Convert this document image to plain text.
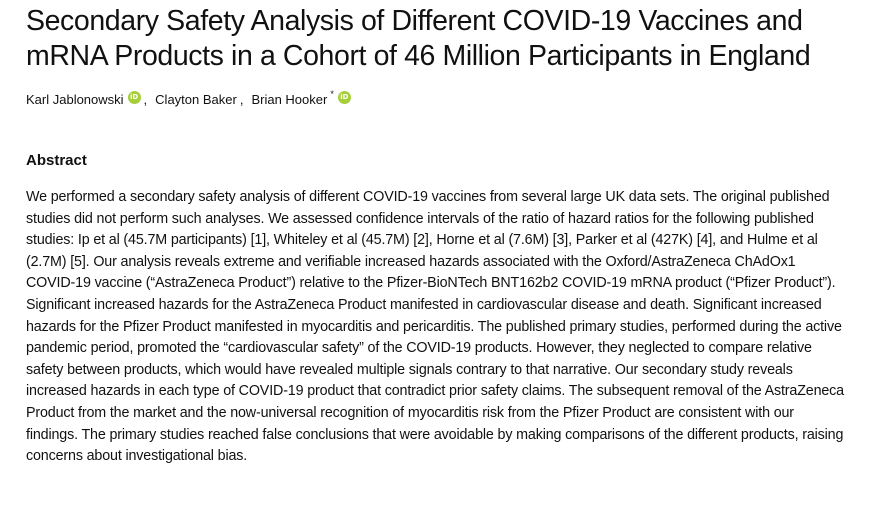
Secondary Safety Analysis of Different COVID-19 Vaccines and mRNA Products in a Cohort of 46 Million Participants in England
Karl Jablonowski iD , Clayton Baker , Brian Hooker * iD
Abstract

We performed a secondary safety analysis of different COVID-19 vaccines from several large UK data sets. The original published studies did not perform such analyses. We assessed confidence intervals of the ratio of hazard ratios for the following published studies: Ip et al (45.7M participants) [1], Whiteley et al (45.7M) [2], Horne et al (7.6M) [3], Parker et al (427K) [4], and Hulme et al (2.7M) [5]. Our analysis reveals extreme and verifiable increased hazards associated with the Oxford/AstraZeneca ChAdOx1 COVID-19 vaccine (“AstraZeneca Product”) relative to the Pfizer-BioNTech BNT162b2 COVID-19 mRNA product (“Pfizer Product”). Significant increased hazards for the AstraZeneca Product manifested in cardiovascular disease and death. Significant increased hazards for the Pfizer Product manifested in myocarditis and pericarditis. The published primary studies, performed during the active pandemic period, promoted the “cardiovascular safety” of the COVID-19 products. However, they neglected to compare relative safety between products, which would have revealed multiple signals contrary to that narrative. Our secondary study reveals increased hazards in each type of COVID-19 product that contradict prior safety claims. The subsequent removal of the AstraZeneca Product from the market and the now-universal recognition of myocarditis risk from the Pfizer Product are consistent with our findings. The primary studies reached false conclusions that were avoidable by making comparisons of the different products, raising concerns about investigational bias.
